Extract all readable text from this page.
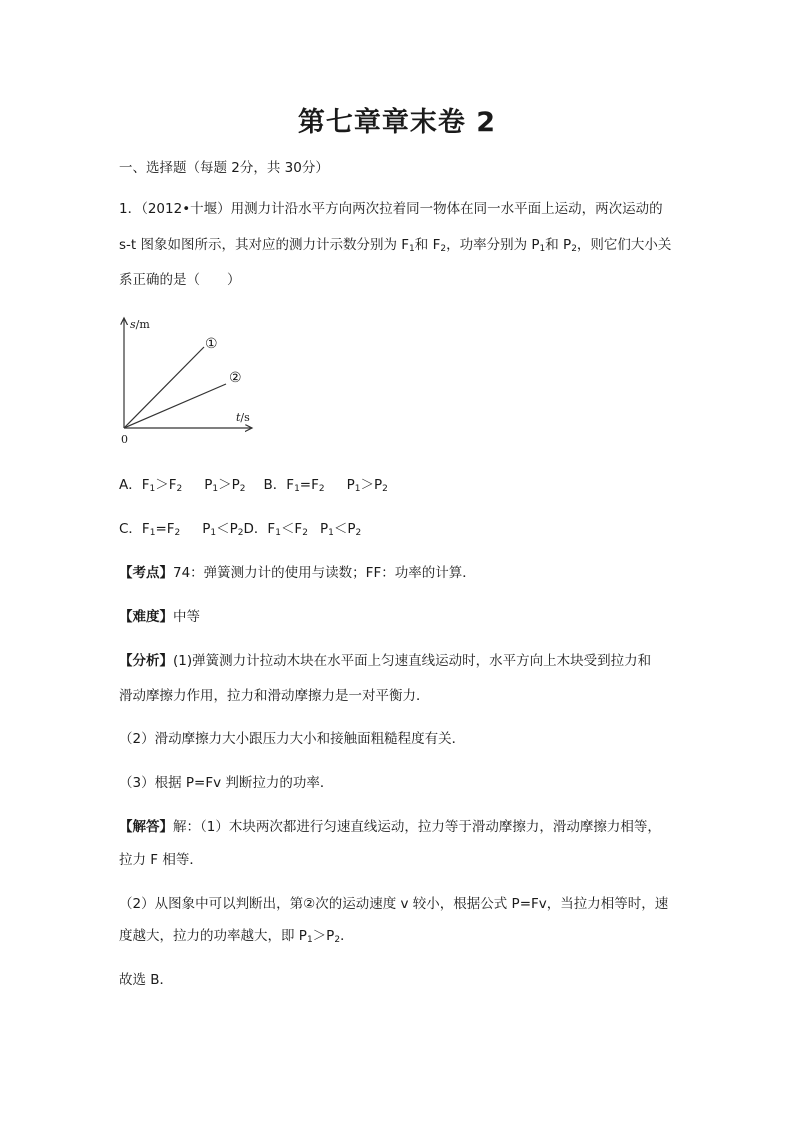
第七章章末卷 2
一、选择题（每题 2分，共 30分）
1．（2012•十堰）用测力计沿水平方向两次拉着同一物体在同一水平面上运动，两次运动的
s-t 图象如图所示，其对应的测力计示数分别为 $F_1$和 $F_2$，功率分别为 $P_1$和 $P_2$，则它们大小关
系正确的是（　　）
s/m
t/s
0
①
②
A．$F_1>F_2$ $P_1>P_2$ B．$F_1=F_2$ $P_1>P_2$
C．$F_1=F_2$ $P_1<P_2D$．$F_1<F_2$ $P_1<P_2$
【考点】74：弹簧测力计的使用与读数；FF：功率的计算．
【难度】中等
【分析】(1)弹簧测力计拉动木块在水平面上匀速直线运动时，水平方向上木块受到拉力和
滑动摩擦力作用，拉力和滑动摩擦力是一对平衡力．
（2）滑动摩擦力大小跟压力大小和接触面粗糙程度有关．
（3）根据 P=Fv 判断拉力的功率．
【解答】解：（1）木块两次都进行匀速直线运动，拉力等于滑动摩擦力，滑动摩擦力相等，
拉力 F 相等．
（2）从图象中可以判断出，第②次的运动速度 v 较小，根据公式 P=Fv，当拉力相等时，速
度越大，拉力的功率越大，即 $P_1>P_2$．
故选 B．
